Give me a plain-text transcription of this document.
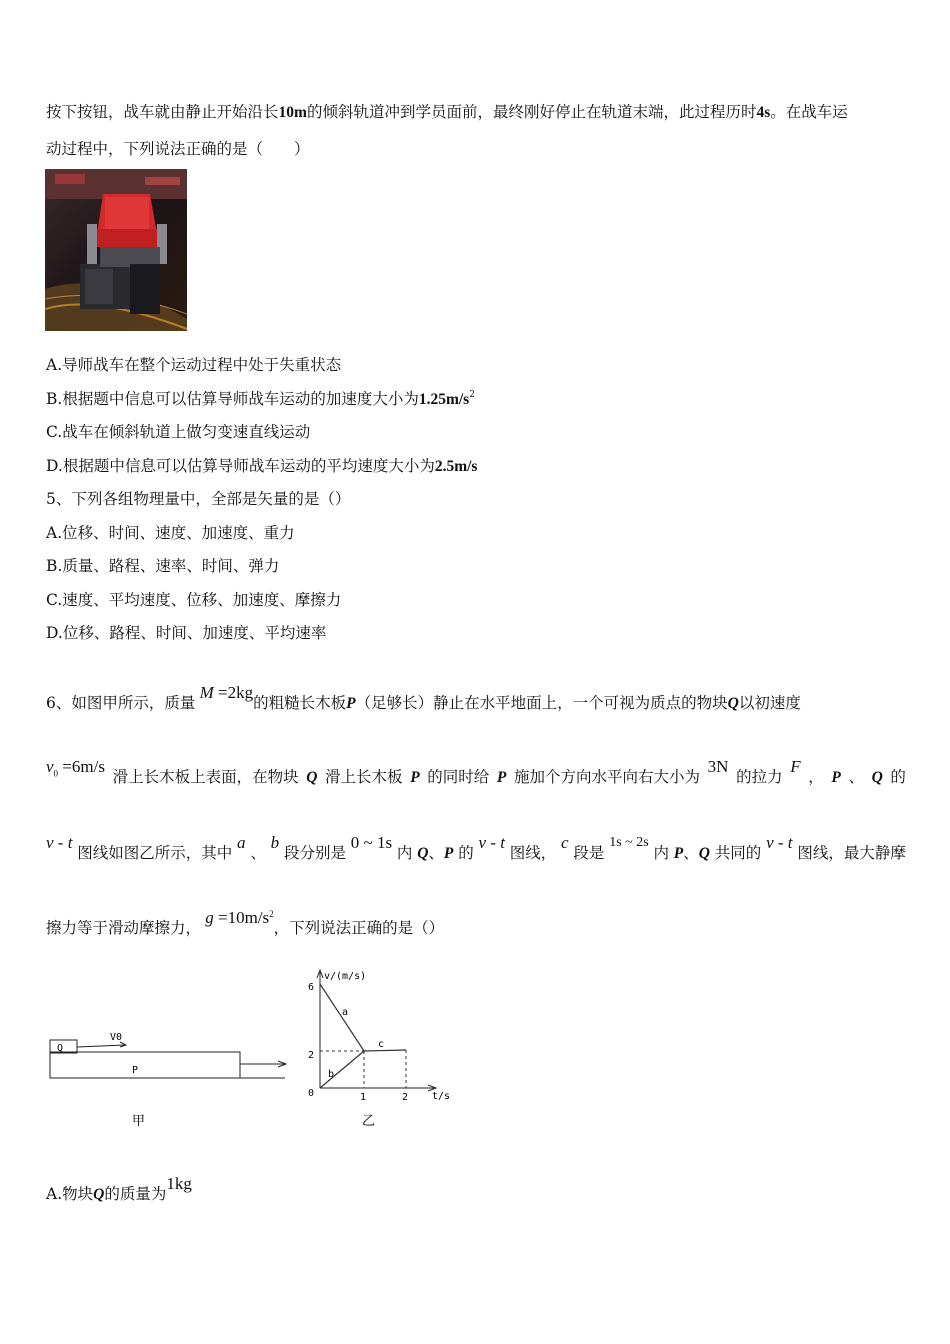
按下按钮，战车就由静止开始沿长10m的倾斜轨道冲到学员面前，最终刚好停止在轨道末端，此过程历时4s。在战车运
动过程中，下列说法正确的是（　　）
A.导师战车在整个运动过程中处于失重状态
B.根据题中信息可以估算导师战车运动的加速度大小为$1.25m/s^2$
C.战车在倾斜轨道上做匀变速直线运动
D.根据题中信息可以估算导师战车运动的平均速度大小为2.5m/s
5、下列各组物理量中，全部是矢量的是（）
A.位移、时间、速度、加速度、重力
B.质量、路程、速率、时间、弹力
C.速度、平均速度、位移、加速度、摩擦力
D.位移、路程、时间、加速度、平均速率
6、如图甲所示，质量 M =2kg的粗糙长木板P（足够长）静止在水平地面上，一个可视为质点的物块Q以初速度
$v_0 =6m/s$
滑上长木板上表面，在物块 Q 滑上长木板 P 的同时给 P 施加个方向水平向右大小为
3N
的拉力
F
， P 、 Q 的
v - t
图线如图乙所示，其中
a
、
b
段分别是
0 ~ 1s
内 Q、P 的
v - t
图线，
c
段是
1s ~ 2s
内 P、Q 共同的
v - t
图线，最大静摩
擦力等于滑动摩擦力， $g =10m/s^2$，下列说法正确的是（）
Q
P
V0
甲
v/(m/s)
t/s
6
2
0	1	2
a
b
c
乙
A.物块Q的质量为1kg
